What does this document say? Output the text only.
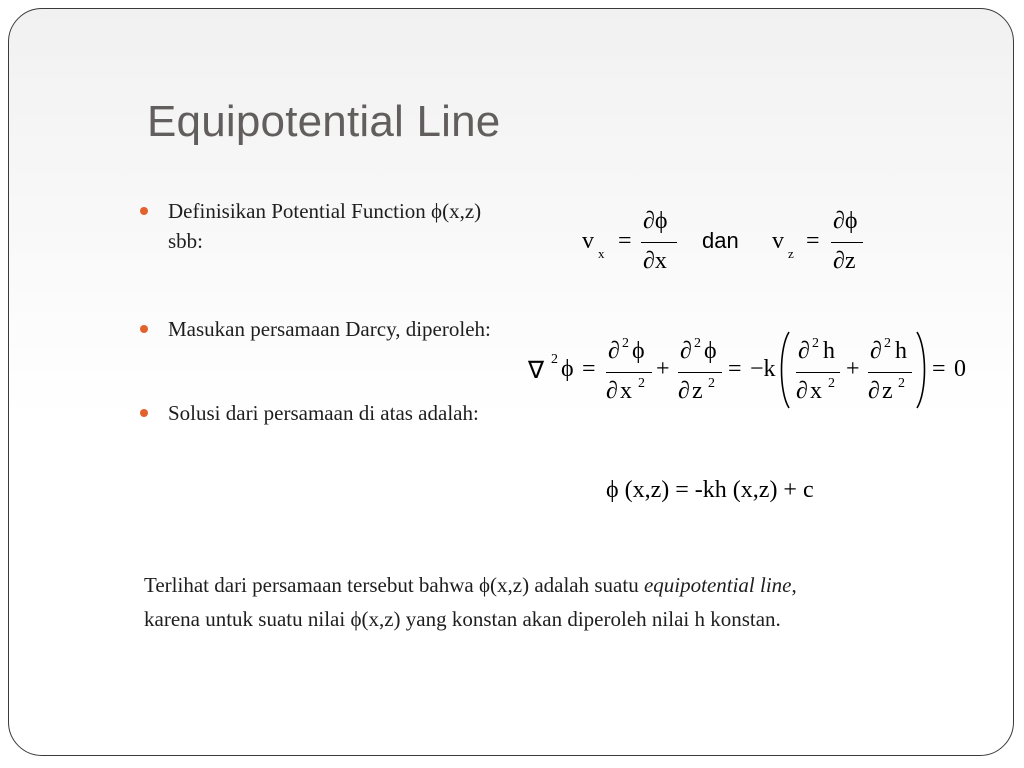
Equipotential Line
Definisikan Potential Function ϕ(x,z)
sbb:
Masukan persamaan Darcy, diperoleh:
Solusi dari persamaan di atas adalah:
v x =
∂ϕ
∂x
dan v z =
∂ϕ
∂z
∇ 2 ϕ =
∂ 2 ϕ
∂ x 2
+
∂ 2 ϕ
∂ z 2
= −k
∂ 2 h
∂ x 2
+
∂ 2 h
∂ z 2
= 0
ϕ (x,z) = -kh (x,z) + c
Terlihat dari persamaan tersebut bahwa ϕ(x,z) adalah suatu equipotential line,
karena untuk suatu nilai ϕ(x,z) yang konstan akan diperoleh nilai h konstan.
